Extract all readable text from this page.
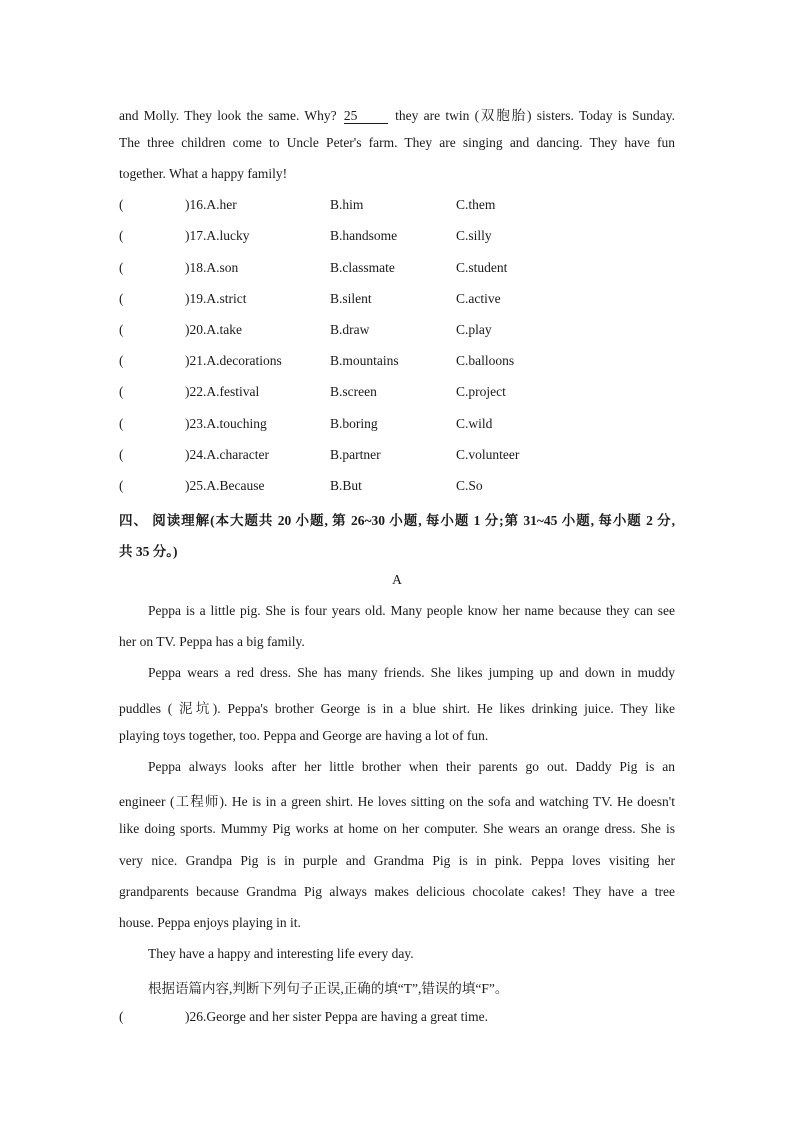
and Molly. They look the same. Why? 25	they are twin (双胞胎) sisters. Today is Sunday.
The three children come to Uncle Peter's farm. They are singing and dancing. They have fun
together. What a happy family!
(	)16.A.her	B.him	C.them
(	)17.A.lucky	B.handsome	C.silly
(	)18.A.son	B.classmate	C.student
(	)19.A.strict	B.silent	C.active
(	)20.A.take	B.draw	C.play
(	)21.A.decorations	B.mountains	C.balloons
(	)22.A.festival	B.screen	C.project
(	)23.A.touching	B.boring	C.wild
(	)24.A.character	B.partner	C.volunteer
(	)25.A.Because	B.But	C.So
四、 阅读理解(本大题共 20 小题, 第 26~30 小题, 每小题 1 分;第 31~45 小题, 每小题 2 分,
共 35 分。)
A
Peppa is a little pig. She is four years old. Many people know her name because they can see
her on TV. Peppa has a big family.
Peppa wears a red dress. She has many friends. She likes jumping up and down in muddy
puddles ( 泥坑). Peppa's brother George is in a blue shirt. He likes drinking juice. They like
playing toys together, too. Peppa and George are having a lot of fun.
Peppa always looks after her little brother when their parents go out. Daddy Pig is an
engineer (工程师). He is in a green shirt. He loves sitting on the sofa and watching TV. He doesn't
like doing sports. Mummy Pig works at home on her computer. She wears an orange dress. She is
very nice. Grandpa Pig is in purple and Grandma Pig is in pink. Peppa loves visiting her
grandparents because Grandma Pig always makes delicious chocolate cakes! They have a tree
house. Peppa enjoys playing in it.
They have a happy and interesting life every day.
根据语篇内容,判断下列句子正误,正确的填“T”,错误的填“F”。
(	)26.George and her sister Peppa are having a great time.
